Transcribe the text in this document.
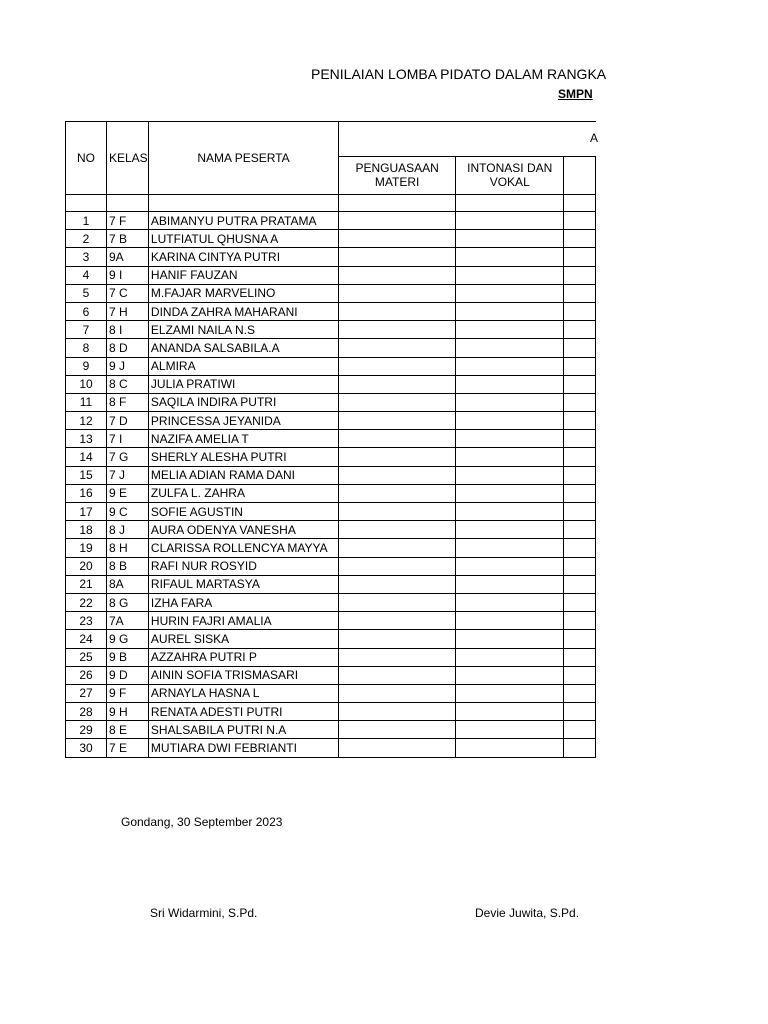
PENILAIAN LOMBA PIDATO DALAM RANGKA
SMPN
A
NO	KELAS	NAMA PESERTA			
			PENGUASAAN MATERI	INTONASI DAN VOKAL	

1	7 F	ABIMANYU PUTRA PRATAMA			
2	7 B	LUTFIATUL QHUSNA A			
3	9A	KARINA CINTYA PUTRI			
4	9 I	HANIF FAUZAN			
5	7 C	M.FAJAR MARVELINO			
6	7 H	DINDA ZAHRA MAHARANI			
7	8 I	ELZAMI NAILA N.S			
8	8 D	ANANDA SALSABILA.A			
9	9 J	ALMIRA			
10	8 C	JULIA PRATIWI			
11	8 F	SAQILA INDIRA PUTRI			
12	7 D	PRINCESSA JEYANIDA			
13	7 I	NAZIFA AMELIA T			
14	7 G	SHERLY ALESHA PUTRI			
15	7 J	MELIA ADIAN RAMA DANI			
16	9 E	ZULFA L. ZAHRA			
17	9 C	SOFIE AGUSTIN			
18	8 J	AURA ODENYA VANESHA			
19	8 H	CLARISSA ROLLENCYA MAYYA			
20	8 B	RAFI NUR ROSYID			
21	8A	RIFAUL MARTASYA			
22	8 G	IZHA FARA			
23	7A	HURIN FAJRI AMALIA			
24	9 G	AUREL SISKA			
25	9 B	AZZAHRA PUTRI P			
26	9 D	AININ SOFIA TRISMASARI			
27	9 F	ARNAYLA HASNA L			
28	9 H	RENATA ADESTI PUTRI			
29	8 E	SHALSABILA PUTRI N.A			
30	7 E	MUTIARA DWI FEBRIANTI			
Gondang, 30 September 2023
Sri Widarmini, S.Pd.	Devie Juwita, S.Pd.
